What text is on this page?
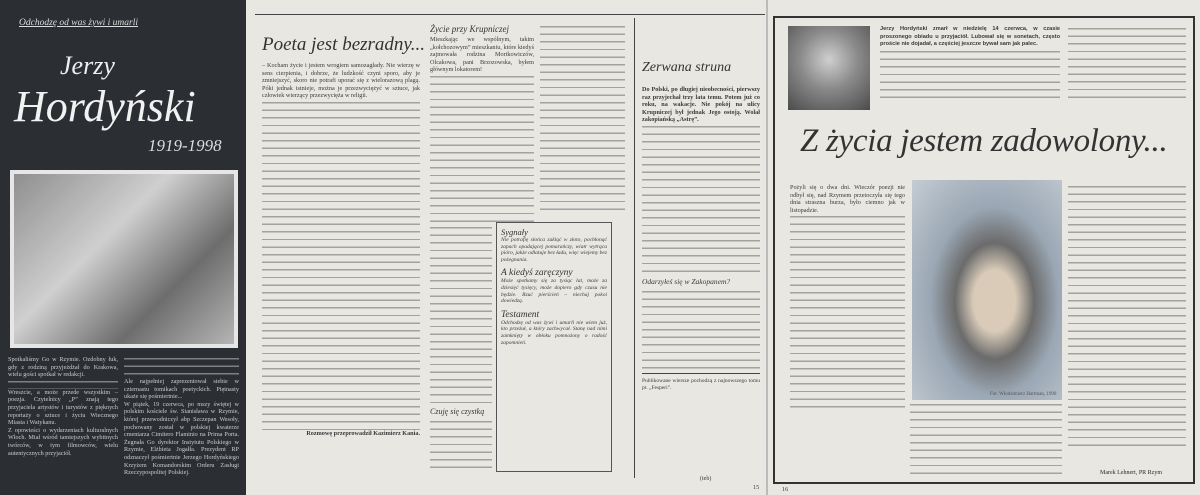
Odchodzę od was żywi i umarli
Jerzy
Hordyński
1919-1998

Spotkaliśmy Go w Rzymie. Ozdobny łuk, gdy z rodziną przyjeżdżał do Krakowa, wielu gości spotkał w redakcji.

Wreszcie, a może przede wszystkim – poezja. Czytelnicy „P” znają tego przyjaciela artystów i turystów z pięknych reportaży o sztuce i życiu Wiecznego Miasta i Watykanu.

Z opowieści o wydarzeniach kulturalnych Włoch. Miał wśród tamtejszych wybitnych twórców, w tym filmowców, wielu autentycznych przyjaciół.

Ale najpełniej zaprezentował siebie w czternastu tomikach poetyckich. Piętnasty ukaże się pośmiertnie...

W piątek, 19 czerwca, po mszy świętej w polskim kościele św. Stanisława w Rzymie, której przewodniczył abp Szczepan Wesoły, pochowany został w polskiej kwaterze cmentarza Cimitero Flaminio na Prima Porta. Żegnała Go dyrektor Instytutu Polskiego w Rzymie, Elżbieta Jogałła. Prezydent RP odznaczył pośmiertnie Jerzego Hordyńskiego Krzyżem Komandorskim Orderu Zasługi Rzeczypospolitej Polskiej.

Poeta jest bezradny...

– Kocham życie i jestem wrogiem samozagłady. Nie wierzę w sens cierpienia, i dobrze, że ludzkość czyni sporo, aby je zmniejszyć, skoro nie potrafi uporać się z wielorazową plagą. Póki jednak istnieje, można je przezwyciężyć w sztuce, jak człowiek wierzący przezwycięża w religii.

Rozmowę przeprowadził Kazimierz Kania.

Życie przy Krupniczej

Mieszkając we wspólnym, takim „kołchozowym” mieszkaniu, które kiedyś zajmowała rodzina Mortkowiczów, Olcakowa, pani Brzozowska, byłem głównym lokatorem!

Czuję się czystką

Sygnały
Nie potrafię słońca zakląć w złoto, pochłonąć zapach opadającej pomarańczy, wiatr wytrąca pióro, jakże odlatuje bez ładu, więc wiejemy bez pożegnania.
A kiedyś zaręczyny
Może spotkamy się za tysiąc lat, może za dziesięć tysięcy, może dopiero gdy czasu nie będzie. Rzuć pierścień – niechaj pokoi dowiedzą.
Testament
Odchodzę od was żywi i umarli nie wiem już, kto przeżuł, a który zachwycał. Stanę nad nimi zamknięty w obłoku pomnożony o radość zapomnień.
Zerwana struna

Do Polski, po długiej nieobecności, pierwszy raz przyjechał trzy lata temu. Potem już co roku, na wakacje. Nie pokój na ulicy Krupniczej był jednak Jego ostoją. Wolał zakopiańską „Astrę”.

Odarzyłeś się w Zakopanem?

Publikowane wiersze pochodzą z najnowszego tomu pt. „Fesperi”.

(teb)
15

Jerzy Hordyński zmarł w niedzielę 14 czerwca, w czasie proszonego obiadu u przyjaciół. Lubował się w sonetach, często proście nie dojadał, a częściej jeszcze bywał sam jak palec.

Z życia jestem zadowolony...

Pożyli się o dwa dni. Wieczór poezji nie odbył się, nad Rzymem przetoczyła się tego dnia straszna burza, było ciemno jak w listopadzie.

Fot. Włodzimierz Hartman, 1990
Marek Lehnert, PR Rzym
16
